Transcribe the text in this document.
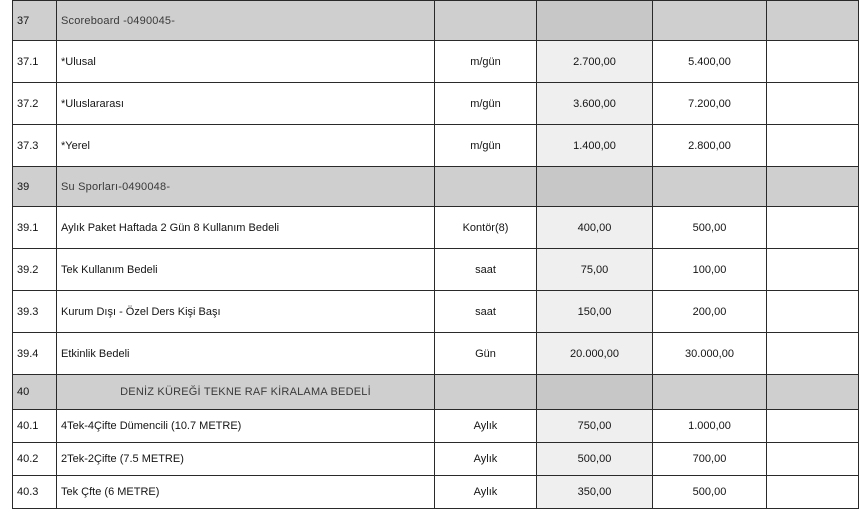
37	Scoreboard -0490045-				
37.1	*Ulusal	m/gün	2.700,00	5.400,00	
37.2	*Uluslararası	m/gün	3.600,00	7.200,00	
37.3	*Yerel	m/gün	1.400,00	2.800,00	
39	Su Sporları-0490048-				
39.1	Aylık Paket Haftada 2 Gün 8 Kullanım Bedeli	Kontör(8)	400,00	500,00	
39.2	Tek Kullanım Bedeli	saat	75,00	100,00	
39.3	Kurum Dışı - Özel Ders Kişi Başı	saat	150,00	200,00	
39.4	Etkinlik Bedeli	Gün	20.000,00	30.000,00	
40	DENİZ KÜREĞİ TEKNE RAF KİRALAMA BEDELİ				
40.1	4Tek-4Çifte Dümencili (10.7 METRE)	Aylık	750,00	1.000,00	
40.2	2Tek-2Çifte (7.5 METRE)	Aylık	500,00	700,00	
40.3	Tek Çfte (6 METRE)	Aylık	350,00	500,00	
